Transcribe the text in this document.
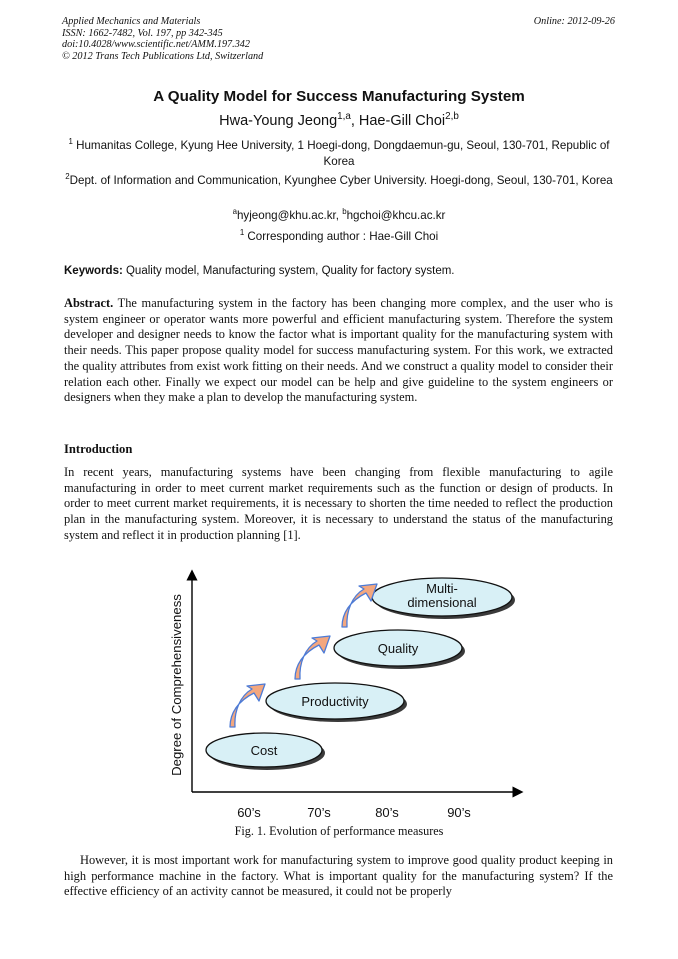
Applied Mechanics and Materials
ISSN: 1662-7482, Vol. 197, pp 342-345
doi:10.4028/www.scientific.net/AMM.197.342
© 2012 Trans Tech Publications Ltd, Switzerland
Online: 2012-09-26
A Quality Model for Success Manufacturing System
Hwa-Young Jeong$^{1,a}$, Hae-Gill Choi$^{2,b}$
$^1$ Humanitas College, Kyung Hee University, 1 Hoegi-dong, Dongdaemun-gu, Seoul, 130-701, Republic of Korea
$^2$Dept. of Information and Communication, Kyunghee Cyber University. Hoegi-dong, Seoul, 130-701, Korea
$^a$hyjeong@khu.ac.kr, $^b$hgchoi@khcu.ac.kr
$^1$ Corresponding author : Hae-Gill Choi
Keywords: Quality model, Manufacturing system, Quality for factory system.
Abstract. The manufacturing system in the factory has been changing more complex, and the user who is system engineer or operator wants more powerful and efficient manufacturing system. Therefore the system developer and designer needs to know the factor what is important quality for the manufacturing system with their needs. This paper propose quality model for success manufacturing system. For this work, we extracted the quality attributes from exist work fitting on their needs. And we construct a quality model to consider their relation each other. Finally we expect our model can be help and give guideline to the system engineers or designers when they make a plan to develop the manufacturing system.
Introduction
In recent years, manufacturing systems have been changing from flexible manufacturing to agile manufacturing in order to meet current market requirements such as the function or design of products. In order to meet current market requirements, it is necessary to shorten the time needed to reflect the production plan in the manufacturing system. Moreover, it is necessary to understand the status of the manufacturing system and reflect it in production planning [1].
Degree of Comprehensiveness
60’s	70’s	80’s	90’s
Cost
Productivity
Quality
Multi-
dimensional
Fig. 1. Evolution of performance measures
However, it is most important work for manufacturing system to improve good quality product keeping in high performance machine in the factory. What is important quality for the manufacturing system? If the effective efficiency of an activity cannot be measured, it could not be properly
